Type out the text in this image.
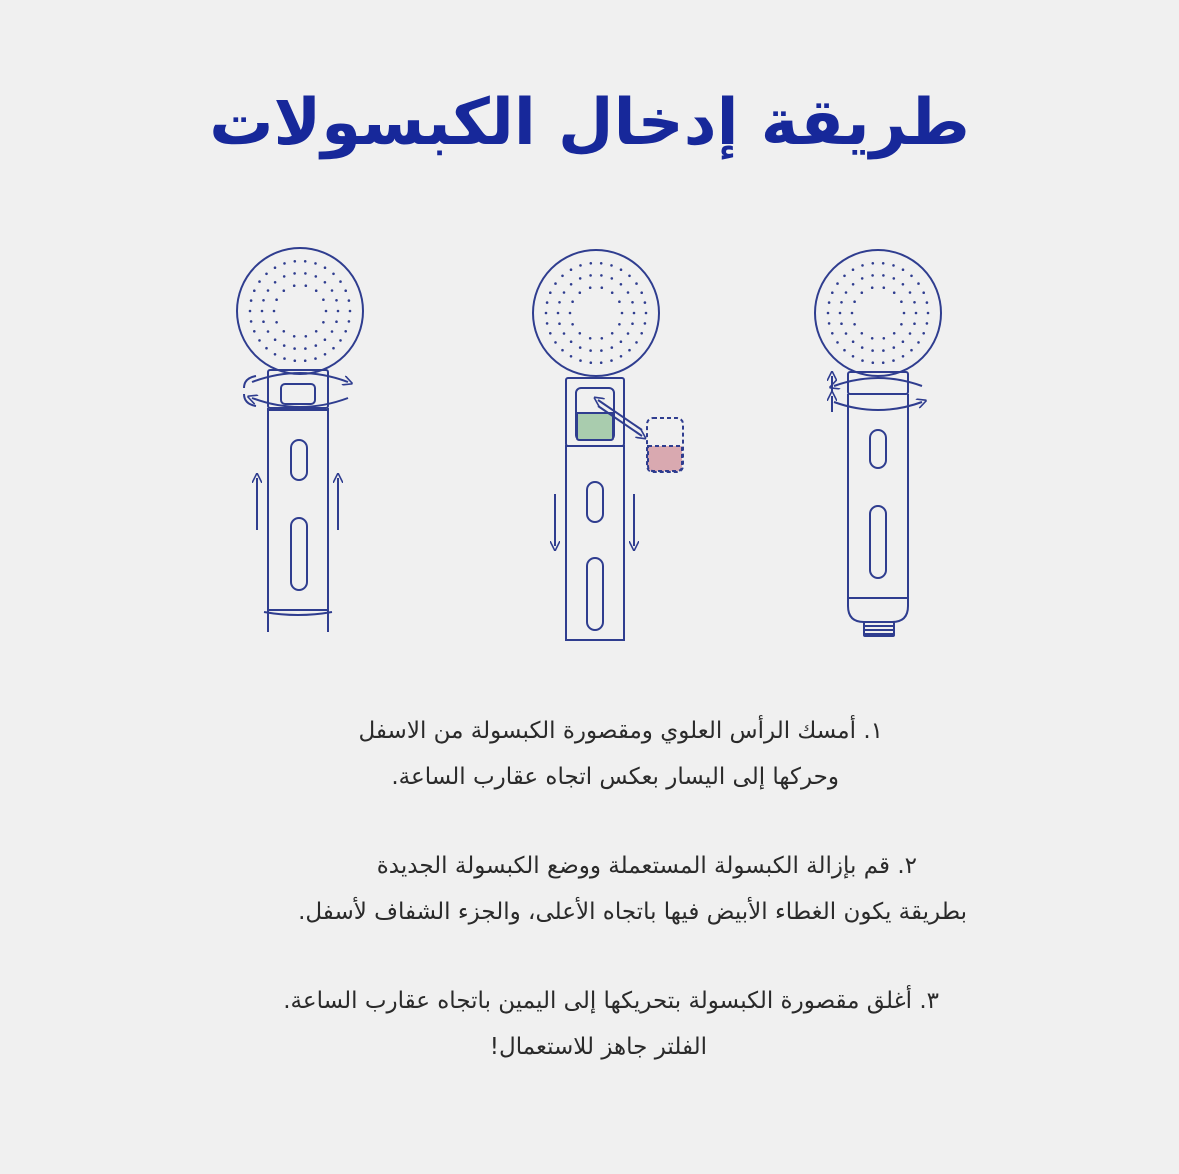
طريقة إدخال الكبسولات
١. أمسك الرأس العلوي ومقصورة الكبسولة من الاسفل
وحركها إلى اليسار بعكس اتجاه عقارب الساعة.
٢. قم بإزالة الكبسولة المستعملة ووضع الكبسولة الجديدة
بطريقة يكون الغطاء الأبيض فيها باتجاه الأعلى، والجزء الشفاف لأسفل.
٣. أغلق مقصورة الكبسولة بتحريكها إلى اليمين باتجاه عقارب الساعة.
الفلتر جاهز للاستعمال!
